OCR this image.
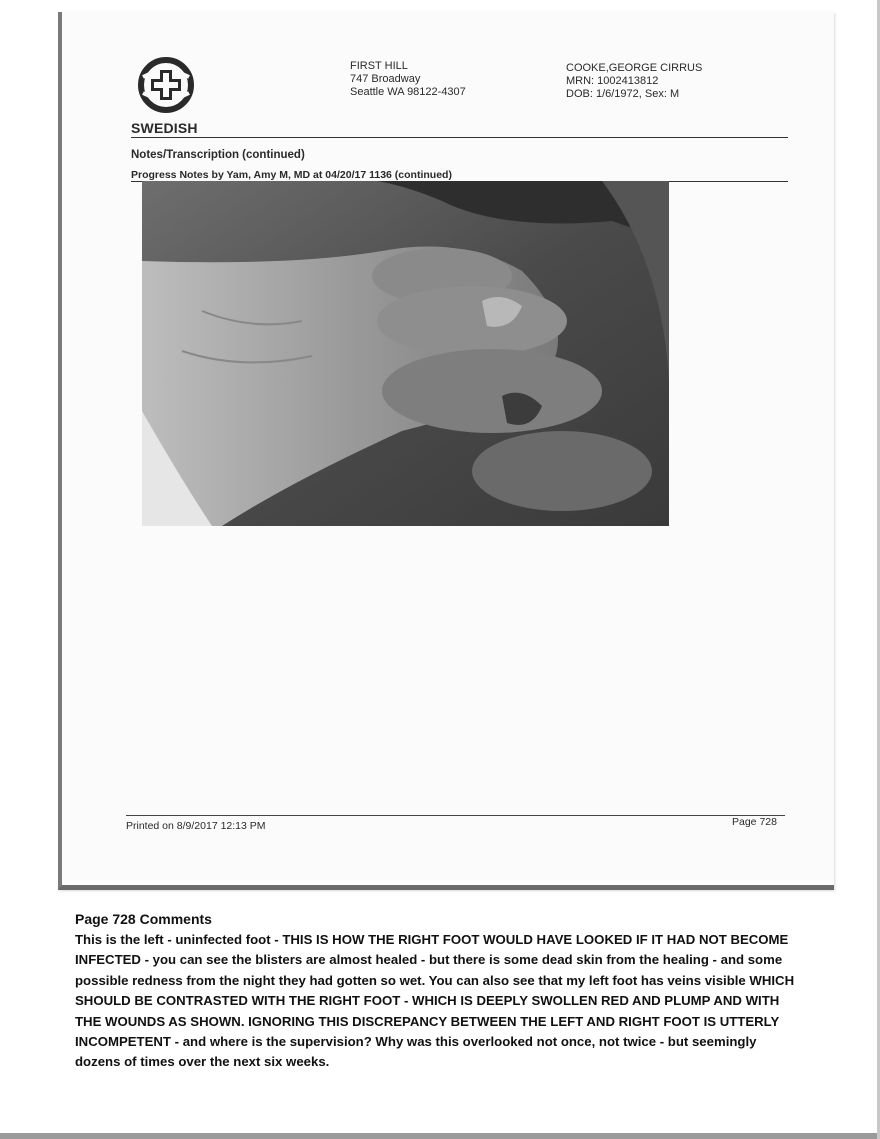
SWEDISH
FIRST HILL
747 Broadway
Seattle WA 98122-4307
COOKE,GEORGE CIRRUS
MRN: 1002413812
DOB: 1/6/1972, Sex: M
Notes/Transcription (continued)
Progress Notes by Yam, Amy M, MD at 04/20/17 1136 (continued)
Printed on 8/9/2017 12:13 PM	Page 728
Page 728 Comments
This is the left - uninfected foot - THIS IS HOW THE RIGHT FOOT WOULD HAVE LOOKED IF IT HAD NOT BECOME INFECTED - you can see the blisters are almost healed - but there is some dead skin from the healing - and some possible redness from the night they had gotten so wet. You can also see that my left foot has veins visible WHICH SHOULD BE CONTRASTED WITH THE RIGHT FOOT - WHICH IS DEEPLY SWOLLEN RED AND PLUMP AND WITH THE WOUNDS AS SHOWN. IGNORING THIS DISCREPANCY BETWEEN THE LEFT AND RIGHT FOOT IS UTTERLY INCOMPETENT - and where is the supervision? Why was this overlooked not once, not twice - but seemingly dozens of times over the next six weeks.
